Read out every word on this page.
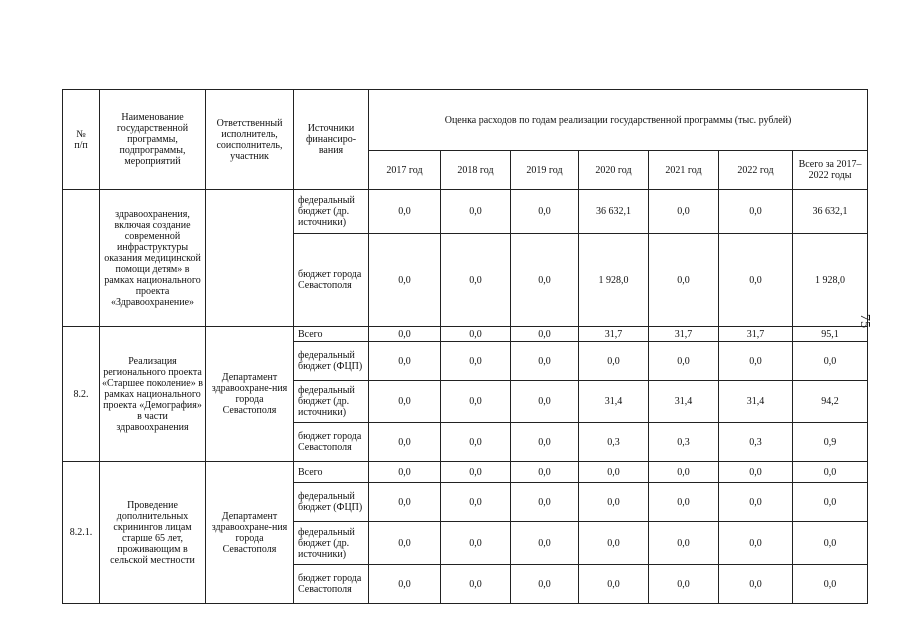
75
№
п/п	Наименование государственной программы, подпрограммы, мероприятий	Ответственный исполнитель, соисполнитель, участник	Источники финансиро-вания	Оценка расходов по годам реализации государственной программы (тыс. рублей)						
				2017 год	2018 год	2019 год	2020 год	2021 год	2022 год	Всего за 2017–2022 годы
	здравоохранения, включая создание современной инфраструктуры оказания медицинской помощи детям» в рамках национального проекта «Здравоохранение»		федеральный бюджет (др. источники)	0,0	0,0	0,0	36 632,1	0,0	0,0	36 632,1
			бюджет города Севастополя	0,0	0,0	0,0	1 928,0	0,0	0,0	1 928,0
8.2.	Реализация регионального проекта «Старшее поколение» в рамках национального проекта «Демография» в части здравоохранения	Департамент здравоохране-ния города Севастополя	Всего	0,0	0,0	0,0	31,7	31,7	31,7	95,1
			федеральный бюджет (ФЦП)	0,0	0,0	0,0	0,0	0,0	0,0	0,0
			федеральный бюджет (др. источники)	0,0	0,0	0,0	31,4	31,4	31,4	94,2
			бюджет города Севастополя	0,0	0,0	0,0	0,3	0,3	0,3	0,9
8.2.1.	Проведение дополнительных скринингов лицам старше 65 лет, проживающим в сельской местности	Департамент здравоохране-ния города Севастополя	Всего	0,0	0,0	0,0	0,0	0,0	0,0	0,0
			федеральный бюджет (ФЦП)	0,0	0,0	0,0	0,0	0,0	0,0	0,0
			федеральный бюджет (др. источники)	0,0	0,0	0,0	0,0	0,0	0,0	0,0
			бюджет города Севастополя	0,0	0,0	0,0	0,0	0,0	0,0	0,0
